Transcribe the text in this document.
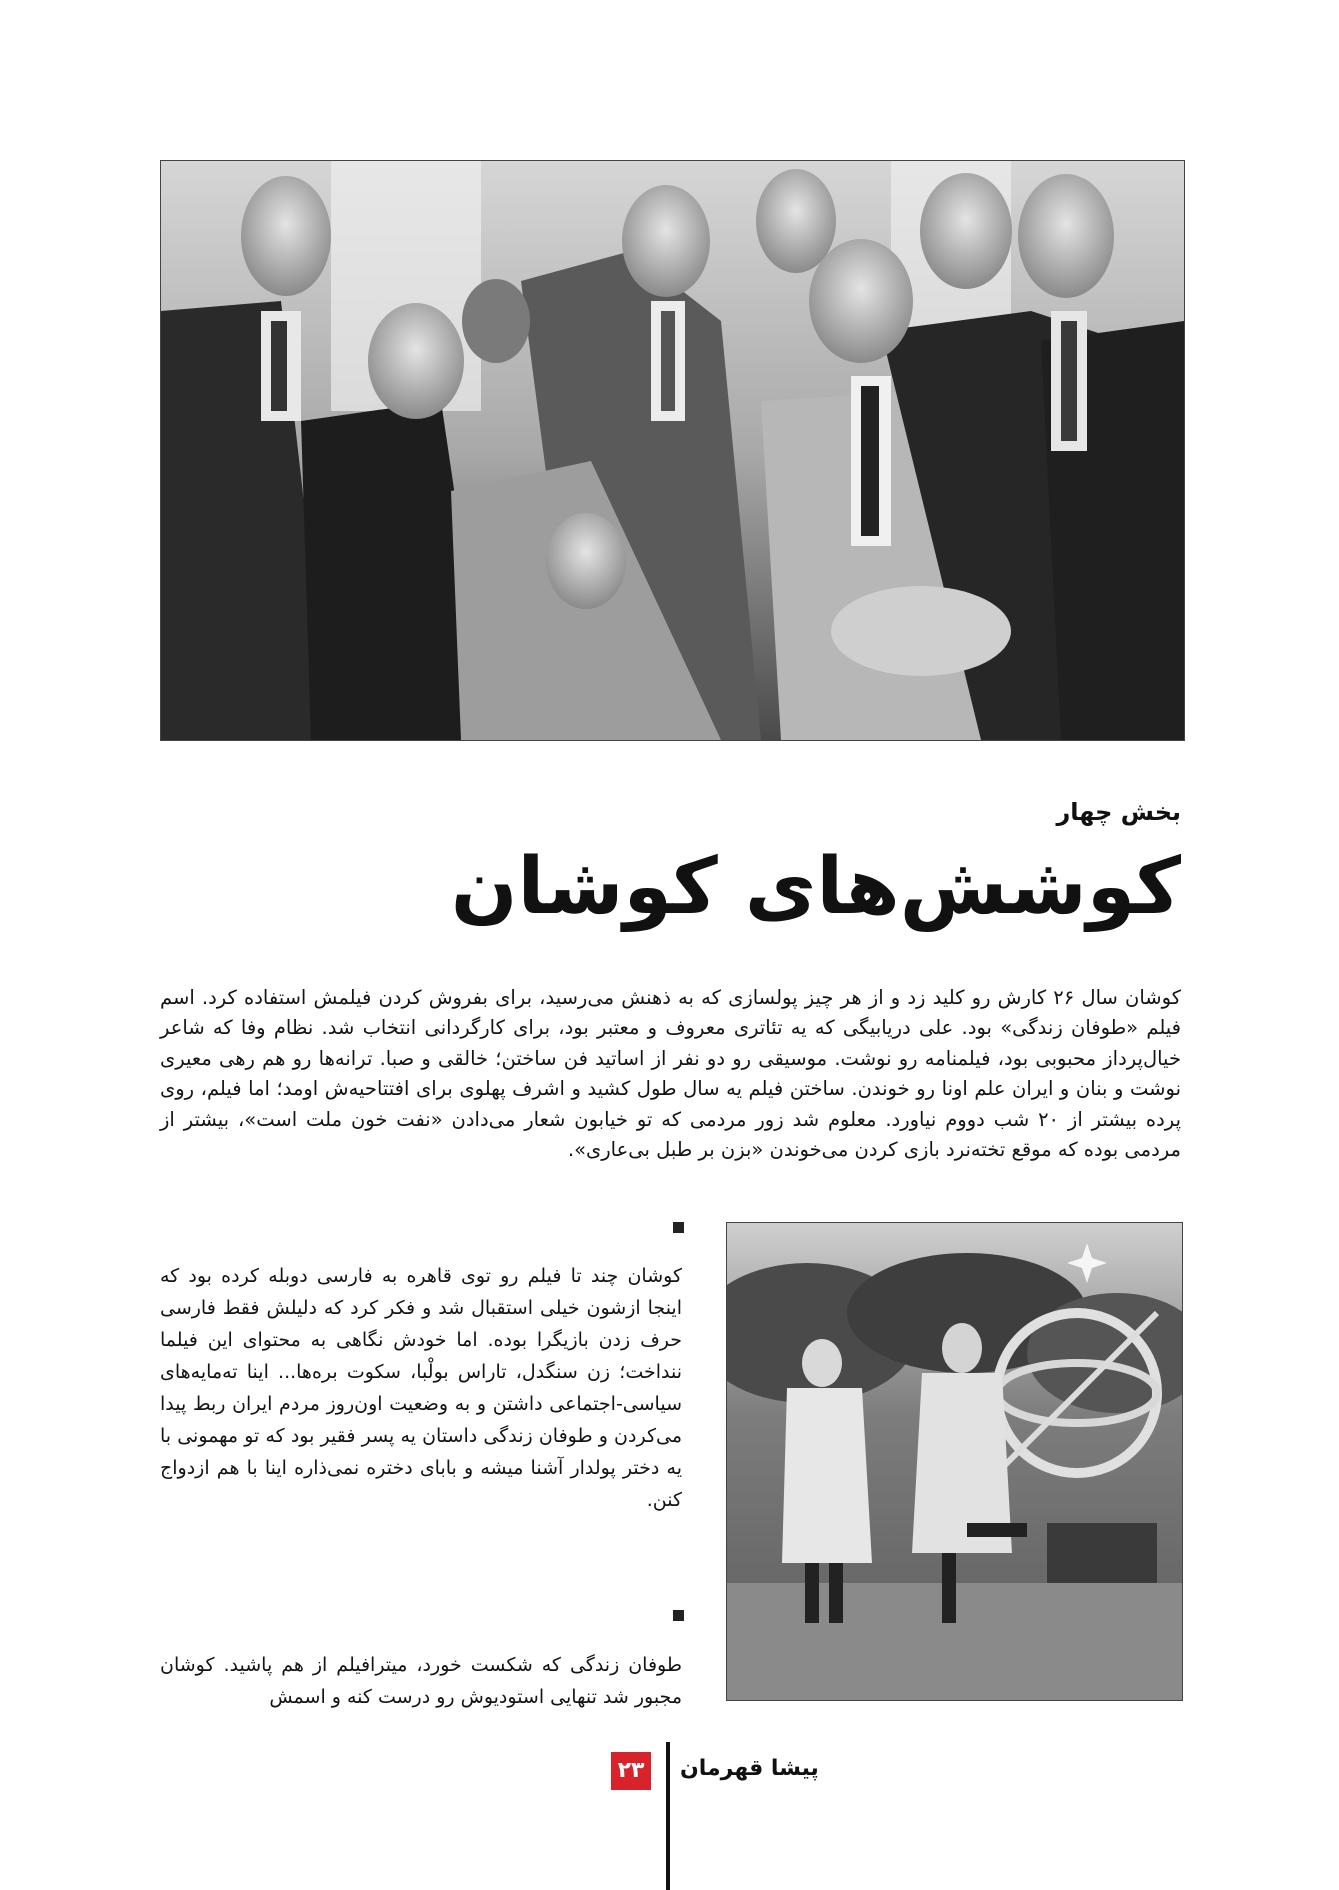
بخش چهار
کوشش‌های کوشان

کوشان سال ۲۶ کارش رو کلید زد و از هر چیز پولسازی که به ذهنش می‌رسید، برای بفروش کردن فیلمش استفاده کرد. اسم فیلم «طوفان زندگی» بود. علی دریابیگی که یه تئاتری معروف و معتبر بود، برای کارگردانی انتخاب شد. نظام وفا که شاعر خیال‌پرداز محبوبی بود، فیلمنامه رو نوشت. موسیقی رو دو نفر از اساتید فن ساختن؛ خالقی و صبا. ترانه‌ها رو هم رهی معیری نوشت و بنان و ایران علم اونا رو خوندن. ساختن فیلم یه سال طول کشید و اشرف پهلوی برای افتتاحیه‌ش اومد؛ اما فیلم، روی پرده بیشتر از ۲۰ شب دووم نیاورد. معلوم شد زور مردمی که تو خیابون شعار می‌دادن «نفت خون ملت است»، بیشتر از مردمی بوده که موقع تخته‌نرد بازی کردن می‌خوندن «بزن بر طبل بی‌عاری».

کوشان چند تا فیلم رو توی قاهره به فارسی دوبله کرده بود که اینجا ازشون خیلی استقبال شد و فکر کرد که دلیلش فقط فارسی حرف زدن بازیگرا بوده. اما خودش نگاهی به محتوای این فیلما ننداخت؛ زن سنگدل، تاراس بولْبا، سکوت بره‌ها... اینا ته‌مایه‌های سیاسی-اجتماعی داشتن و به وضعیت اون‌روز مردم ایران ربط پیدا می‌کردن و طوفان زندگی داستان یه پسر فقیر بود که تو مهمونی با یه دختر پولدار آشنا میشه و بابای دختره نمی‌ذاره اینا با هم ازدواج کنن.

طوفان زندگی که شکست خورد، میترافیلم از هم پاشید. کوشان مجبور شد تنهایی استودیوش رو درست کنه و اسمش

پیشا قهرمان
۲۳
